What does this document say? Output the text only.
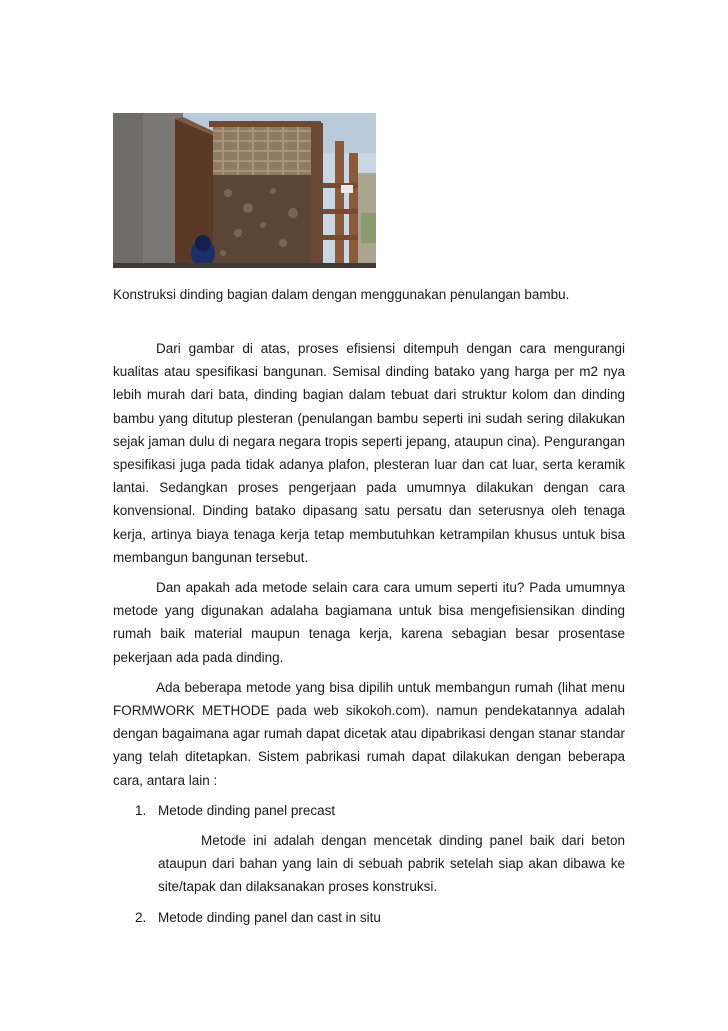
Konstruksi dinding bagian dalam dengan menggunakan penulangan bambu.

Dari gambar di atas, proses efisiensi ditempuh dengan cara mengurangi kualitas atau spesifikasi bangunan. Semisal dinding batako yang harga per m2 nya lebih murah dari bata, dinding bagian dalam tebuat dari struktur kolom dan dinding bambu yang ditutup plesteran (penulangan bambu seperti ini sudah sering dilakukan sejak jaman dulu di negara negara tropis seperti jepang, ataupun cina). Pengurangan spesifikasi juga pada tidak adanya plafon, plesteran luar dan cat luar, serta keramik lantai. Sedangkan proses pengerjaan pada umumnya dilakukan dengan cara konvensional. Dinding batako dipasang satu persatu dan seterusnya oleh tenaga kerja, artinya biaya tenaga kerja tetap membutuhkan ketrampilan khusus untuk bisa membangun bangunan tersebut.

Dan apakah ada metode selain cara cara umum seperti itu? Pada umumnya metode yang digunakan adalaha bagiamana untuk bisa mengefisiensikan dinding rumah baik material maupun tenaga kerja, karena sebagian besar prosentase pekerjaan ada pada dinding.

Ada beberapa metode yang bisa dipilih untuk membangun rumah (lihat menu FORMWORK METHODE pada web sikokoh.com). namun pendekatannya adalah dengan bagaimana agar rumah dapat dicetak atau dipabrikasi dengan stanar standar yang telah ditetapkan. Sistem pabrikasi rumah dapat dilakukan dengan beberapa cara, antara lain :

1. Metode dinding panel precast

Metode ini adalah dengan mencetak dinding panel baik dari beton ataupun dari bahan yang lain di sebuah pabrik setelah siap akan dibawa ke site/tapak dan dilaksanakan proses konstruksi.

2. Metode dinding panel dan cast in situ
